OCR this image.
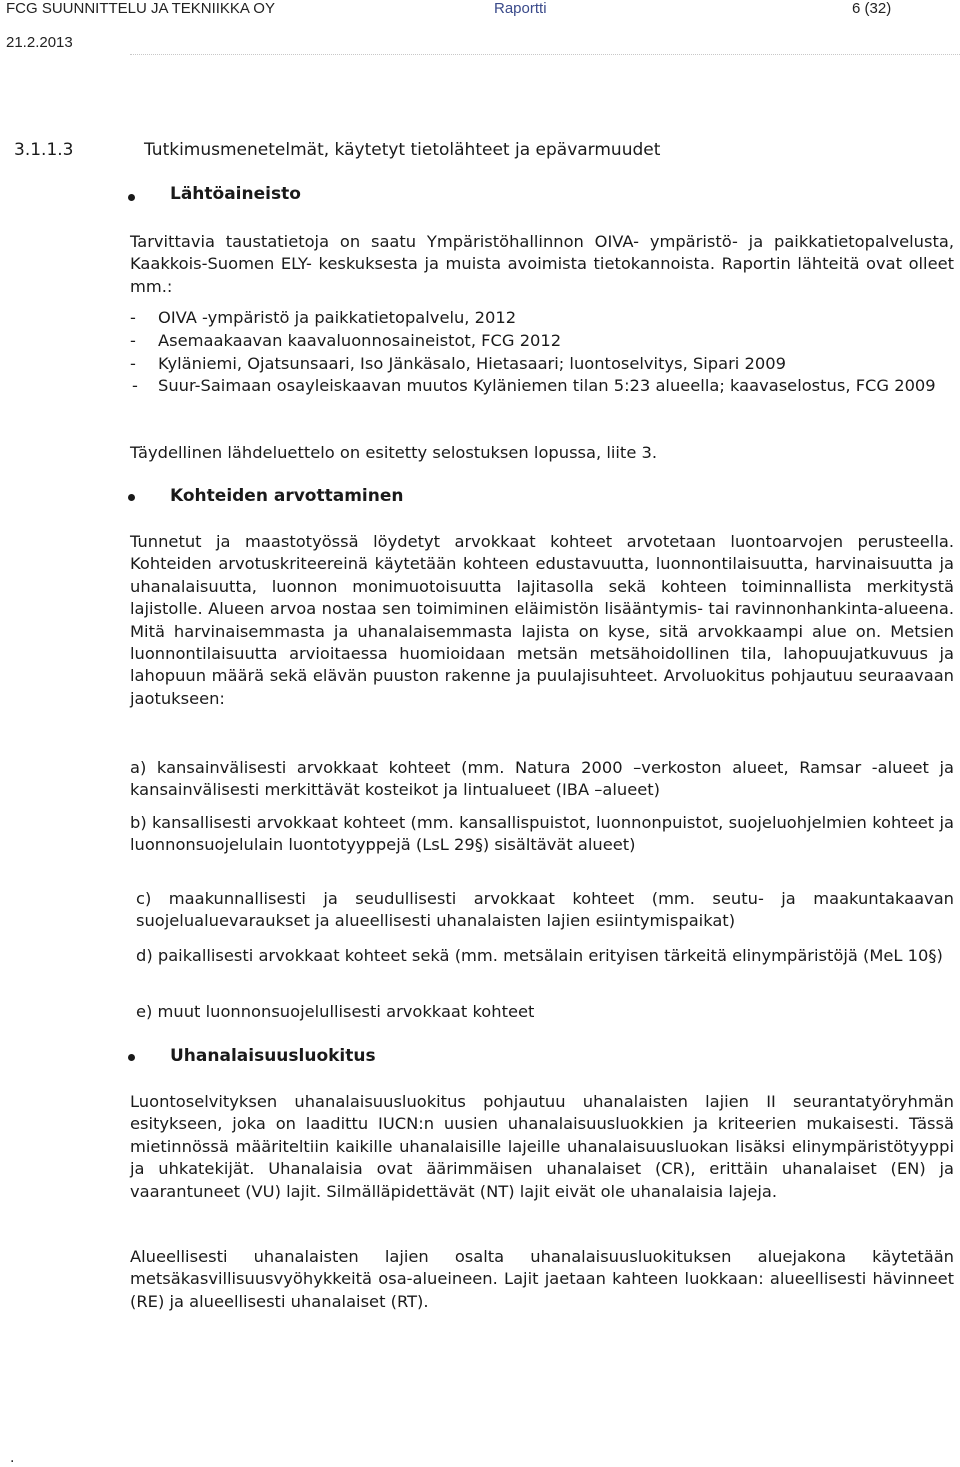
FCG SUUNNITTELU JA TEKNIIKKA OY	Raportti	6 (32)
21.2.2013
3.1.1.3	Tutkimusmenetelmät, käytetyt tietolähteet ja epävarmuudet
Lähtöaineisto
Tarvittavia taustatietoja on saatu Ympäristöhallinnon OIVA- ympäristö- ja paikkatietopalvelusta, Kaakkois-Suomen ELY- keskuksesta ja muista avoimista tietokannoista. Raportin lähteitä ovat olleet mm.:
- OIVA -ympäristö ja paikkatietopalvelu, 2012
- Asemaakaavan kaavaluonnosaineistot, FCG 2012
- Kyläniemi, Ojatsunsaari, Iso Jänkäsalo, Hietasaari; luontoselvitys, Sipari 2009
- Suur-Saimaan osayleiskaavan muutos Kyläniemen tilan 5:23 alueella; kaavaselostus, FCG 2009
Täydellinen lähdeluettelo on esitetty selostuksen lopussa, liite 3.
Kohteiden arvottaminen
Tunnetut ja maastotyössä löydetyt arvokkaat kohteet arvotetaan luontoarvojen perusteella. Kohteiden arvotuskriteereinä käytetään kohteen edustavuutta, luonnontilaisuutta, harvinaisuutta ja uhanalaisuutta, luonnon monimuotoisuutta lajitasolla sekä kohteen toiminnallista merkitystä lajistolle. Alueen arvoa nostaa sen toimiminen eläimistön lisääntymis- tai ravinnonhankinta-alueena. Mitä harvinaisemmasta ja uhanalaisemmasta lajista on kyse, sitä arvokkaampi alue on. Metsien luonnontilaisuutta arvioitaessa huomioidaan metsän metsähoidollinen tila, lahopuujatkuvuus ja lahopuun määrä sekä elävän puuston rakenne ja puulajisuhteet. Arvoluokitus pohjautuu seuraavaan jaotukseen:
a) kansainvälisesti arvokkaat kohteet (mm. Natura 2000 –verkoston alueet, Ramsar -alueet ja kansainvälisesti merkittävät kosteikot ja lintualueet (IBA –alueet)
b) kansallisesti arvokkaat kohteet (mm. kansallispuistot, luonnonpuistot, suojeluohjelmien kohteet ja luonnonsuojelulain luontotyyppejä (LsL 29§) sisältävät alueet)
c) maakunnallisesti ja seudullisesti arvokkaat kohteet (mm. seutu- ja maakuntakaavan suojelualuevaraukset ja alueellisesti uhanalaisten lajien esiintymispaikat)
d) paikallisesti arvokkaat kohteet sekä (mm. metsälain erityisen tärkeitä elinympäristöjä (MeL 10§)
e) muut luonnonsuojelullisesti arvokkaat kohteet
Uhanalaisuusluokitus
Luontoselvityksen uhanalaisuusluokitus pohjautuu uhanalaisten lajien II seurantatyöryhmän esitykseen, joka on laadittu IUCN:n uusien uhanalaisuusluokkien ja kriteerien mukaisesti. Tässä mietinnössä määriteltiin kaikille uhanalaisille lajeille uhanalaisuusluokan lisäksi elinympäristötyyppi ja uhkatekijät. Uhanalaisia ovat äärimmäisen uhanalaiset (CR), erittäin uhanalaiset (EN) ja vaarantuneet (VU) lajit. Silmälläpidettävät (NT) lajit eivät ole uhanalaisia lajeja.
Alueellisesti uhanalaisten lajien osalta uhanalaisuusluokituksen aluejakona käytetään metsäkasvillisuusvyöhykkeitä osa-alueineen. Lajit jaetaan kahteen luokkaan: alueellisesti hävinneet (RE) ja alueellisesti uhanalaiset (RT).
.
